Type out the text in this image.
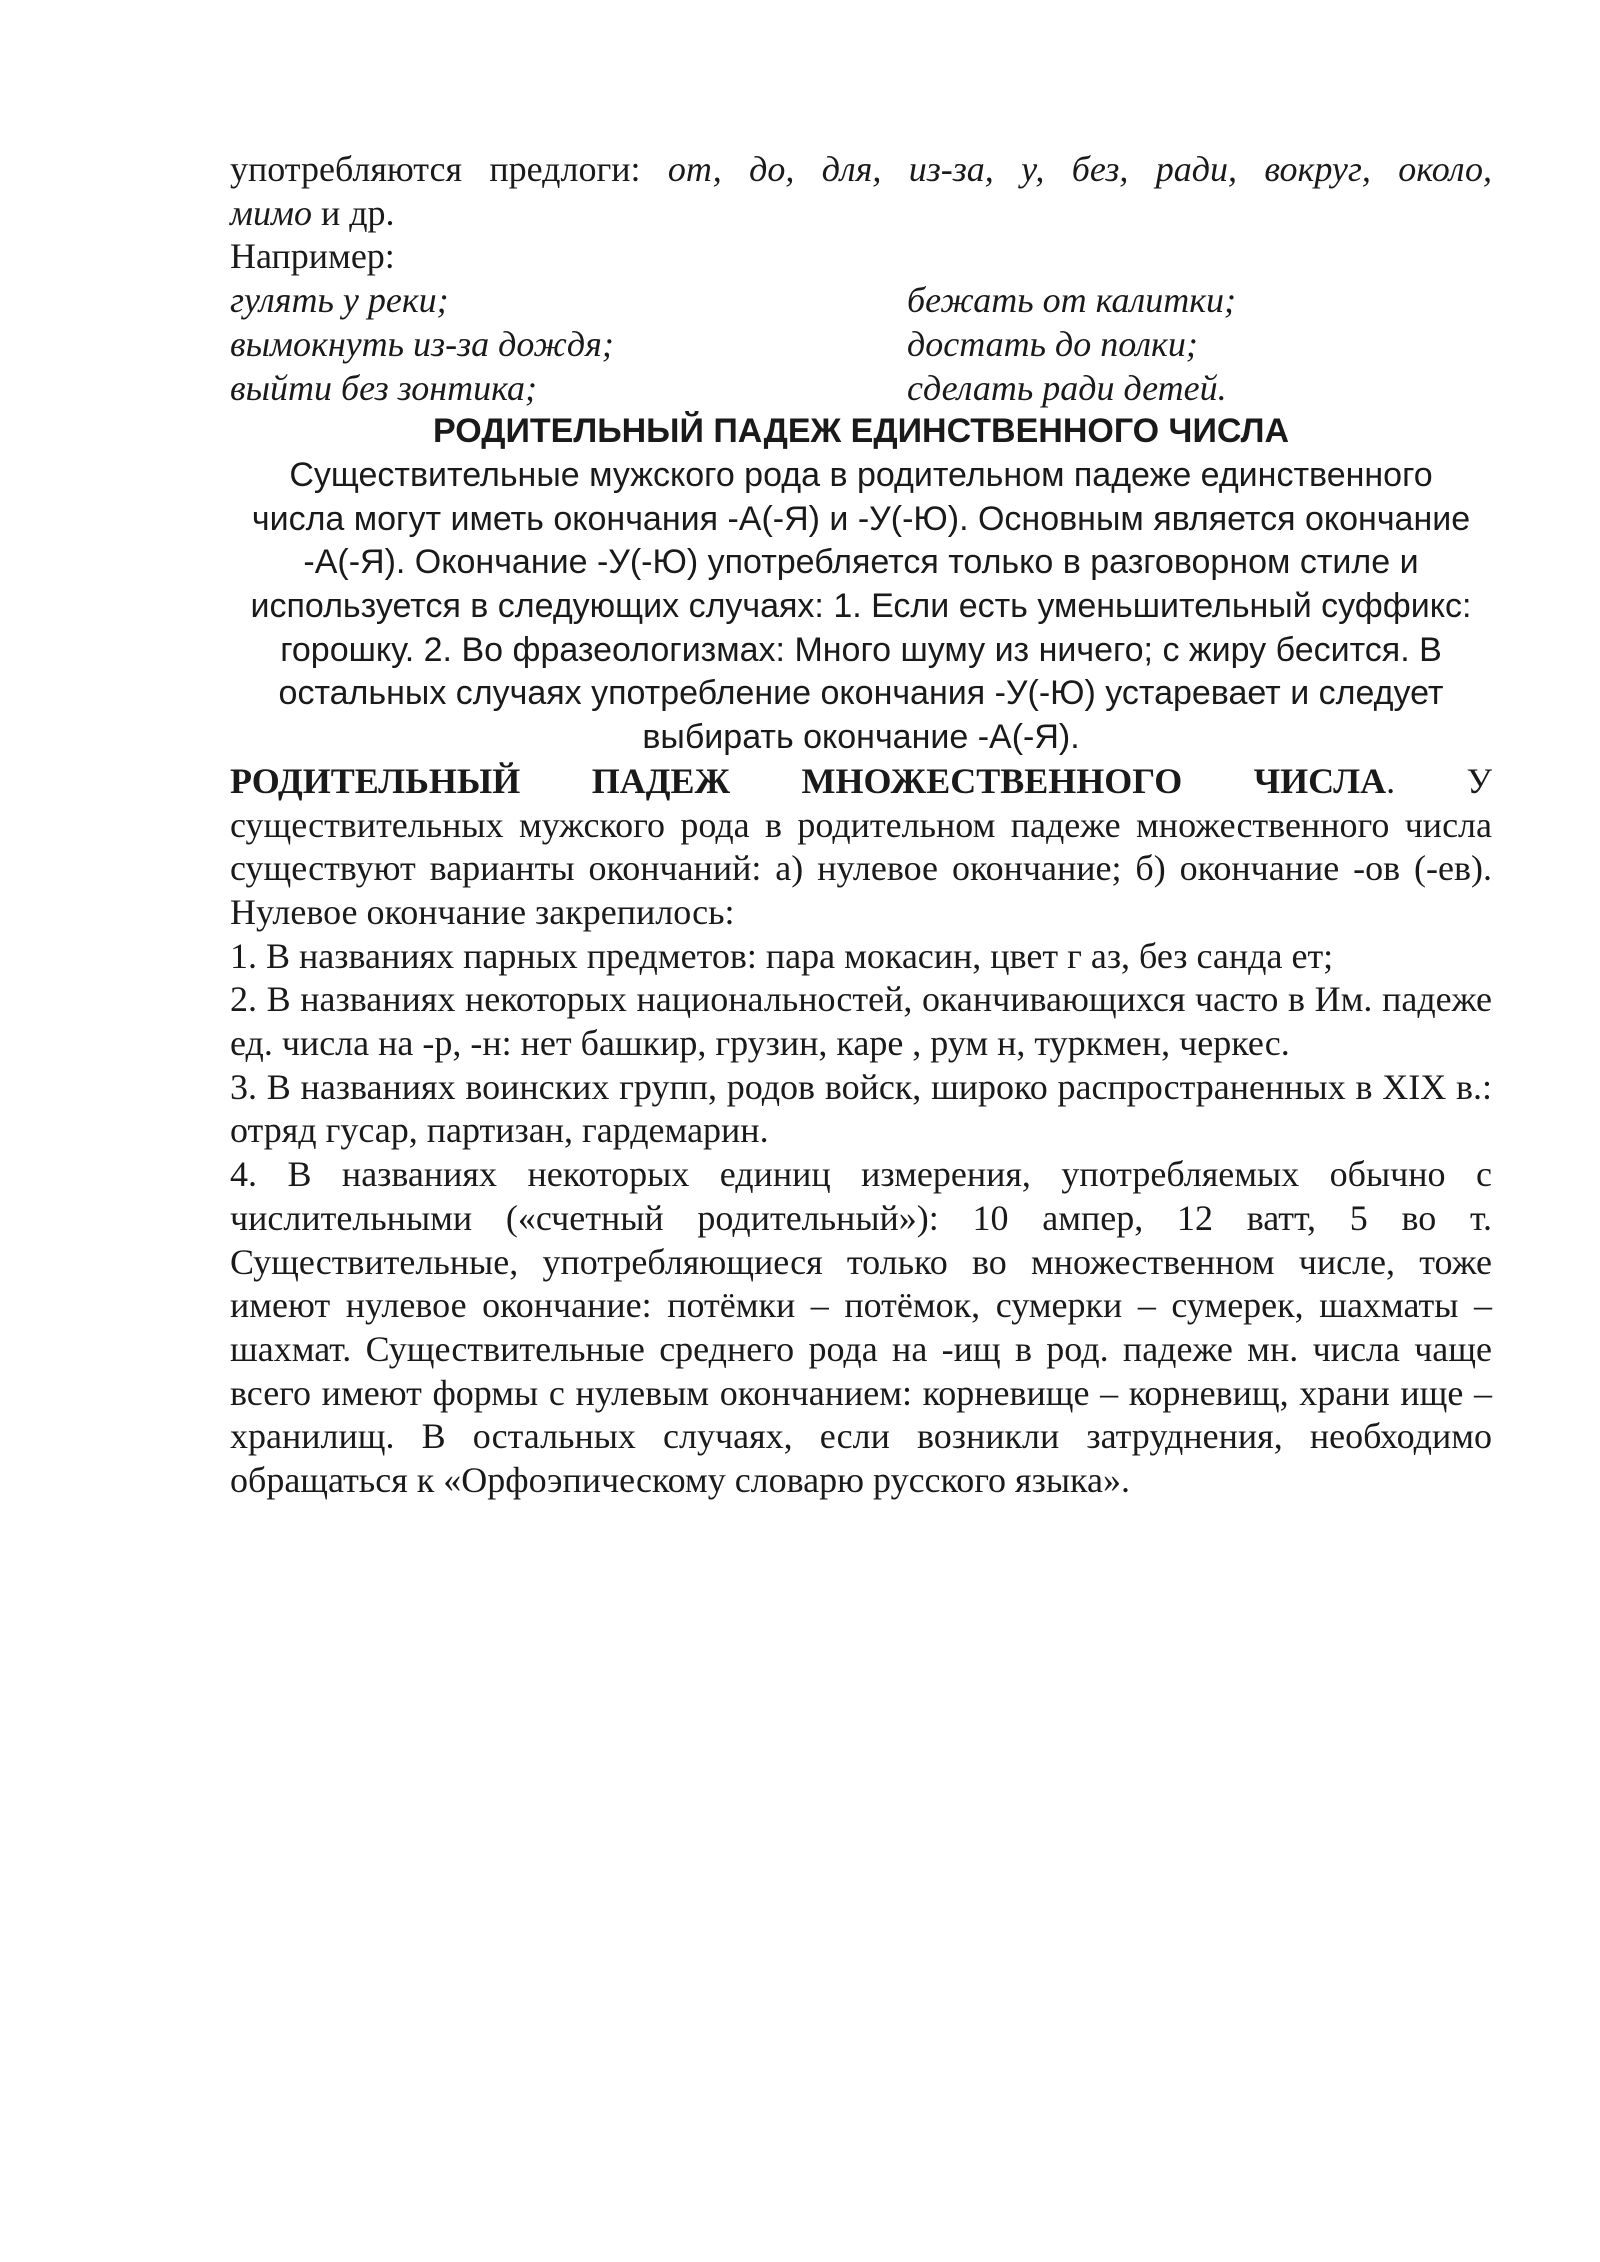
употребляются предлоги: от, до, для, из-за, у, без, ради, вокруг, около,

мимо и др.

Например:

гулять у реки;
вымокнуть из-за дождя;
выйти без зонтика;
бежать от калитки;
достать до полки;
сделать ради детей.

РОДИТЕЛЬНЫЙ ПАДЕЖ ЕДИНСТВЕННОГО ЧИСЛА

Существительные мужского рода в родительном падеже единственного
числа могут иметь окончания -А(-Я) и -У(-Ю). Основным является окончание
-А(-Я). Окончание -У(-Ю) употребляется только в разговорном стиле и
используется в следующих случаях: 1. Если есть уменьшительный суффикс:
горошку. 2. Во фразеологизмах: Много шуму из ничего; с жиру бесится. В
остальных случаях употребление окончания -У(-Ю) устаревает и следует
выбирать окончание -А(-Я).

РОДИТЕЛЬНЫЙ ПАДЕЖ МНОЖЕСТВЕННОГО ЧИСЛА. У

существительных мужского рода в родительном падеже множественного числа существуют варианты окончаний: а) нулевое окончание; б) окончание -ов (-ев). Нулевое окончание закрепилось:

1. В названиях парных предметов: пара мокасин, цвет г аз, без санда ет;

2. В названиях некоторых национальностей, оканчивающихся часто в Им. падеже ед. числа на -р, -н: нет башкир, грузин, каре , рум н, туркмен, черкес.

3. В названиях воинских групп, родов войск, широко распространенных в XIX в.: отряд гусар, партизан, гардемарин.

4. В названиях некоторых единиц измерения, употребляемых обычно с числительными («счетный родительный»): 10 ампер, 12 ватт, 5 во т. Существительные, употребляющиеся только во множественном числе, тоже имеют нулевое окончание: потёмки – потёмок, сумерки – сумерек, шахматы – шахмат. Существительные среднего рода на -ищ в род. падеже мн. числа чаще всего имеют формы с нулевым окончанием: корневище – корневищ, храни ище – хранилищ. В остальных случаях, если возникли затруднения, необходимо обращаться к «Орфоэпическому словарю русского языка».
